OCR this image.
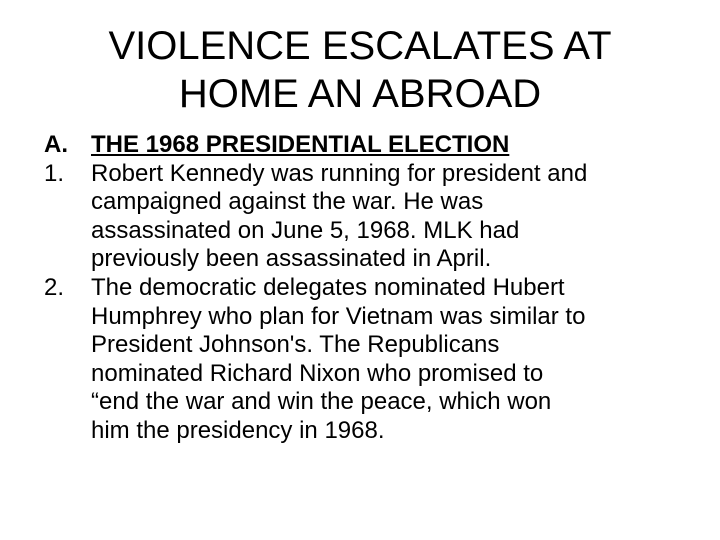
VIOLENCE ESCALATES AT
HOME AN ABROAD
A. THE 1968 PRESIDENTIAL ELECTION
1.	Robert Kennedy was running for president and
campaigned against the war. He was
assassinated on June 5, 1968. MLK had
previously been assassinated in April.
2.	The democratic delegates nominated Hubert
Humphrey who plan for Vietnam was similar to
President Johnson's. The Republicans
nominated Richard Nixon who promised to
“end the war and win the peace, which won
him the presidency in 1968.
